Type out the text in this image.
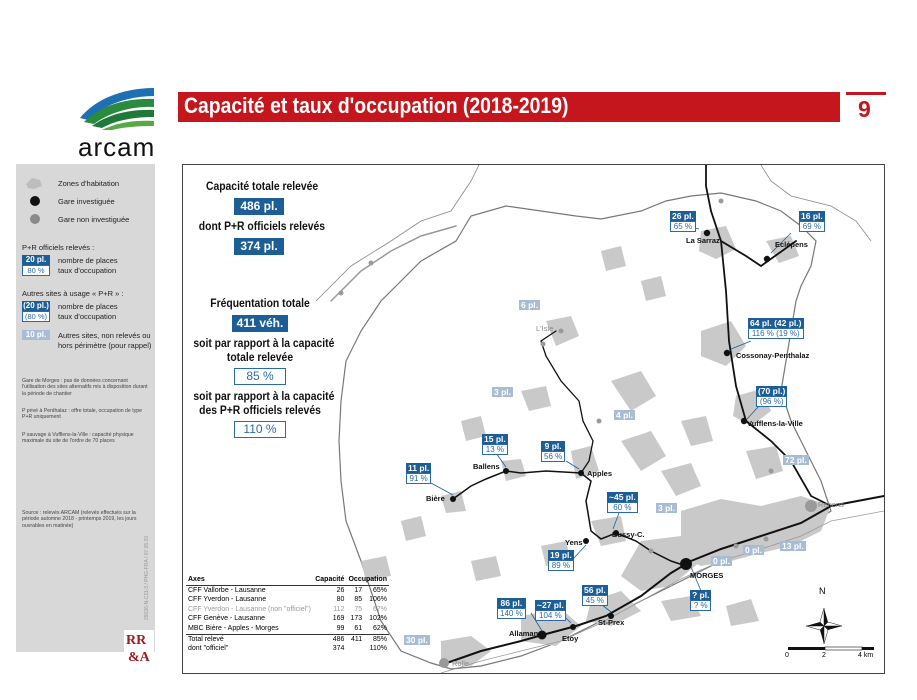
arcam
Capacité et taux d'occupation (2018-2019)	9
Zones d'habitation
Gare investiguée
Gare non investiguée
P+R officiels relevés :
20 pl.
80 %
nombre de places
taux d'occupation
Autres sites à usage « P+R » :
(20 pl.)
(80 %)
nombre de places
taux d'occupation
10 pl.	Autres sites, non relevés ou
hors périmètre (pour rappel)
Gare de Morges : pas de données concernant l'utilisation des sites alternatifs mis à disposition durant la période de chantier
P privé à Penthalaz : offre totale, occupation de type P+R uniquement
P sauvage à Vufflens-la-Ville : capacité physique maximale du site de l'ordre de 70 places
Source : relevés ARCAM (relevés effectués sur la période automne 2018 - printemps 2019, les jours ouvrables en matinée)
29026-N-C11-3 / PHG-FRA / 07.05.20
RR
&A
Capacité totale relevée
486 pl.
dont P+R officiels relevés
374 pl.
Fréquentation totale
411 véh.
soit par rapport à la capacité
totale relevée
85 %
soit par rapport à la capacité
des P+R officiels relevés
110 %
La Sarraz	Eclépens
L'Isle
Cossonay-Penthalaz
Vufflens-la-Ville
Ballens
Apples
Bière
Renens
Yens
Bussy-C.
MORGES
St-Prex
Allaman
Etoy
Rolle
26 pl.
65 %
16 pl.
69 %
64 pl. (42 pl.)
116 % (19 %)
(70 pl.)
(96 %)
15 pl.
13 %	9 pl.
56 %
11 pl.
91 %
~45 pl.
60 %
19 pl.
89 %
56 pl.
45 %
86 pl.
140 %
~27 pl.
104 %
? pl.
? %
6 pl.
3 pl.
4 pl.
72 pl.
3 pl.
0 pl. 13 pl.
0 pl.
30 pl.
N
0	2	4 km
Axes	Capacité	Occupation	
CFF Vallorbe - Lausanne	26	17	65%
CFF Yverdon - Lausanne	80	85	106%
CFF Yverdon - Lausanne (non "officiel")	112	75	67%
CFF Genève - Lausanne	169	173	102%
MBC Bière - Apples - Morges	99	61	62%
Total relevé	486	411	85%
dont "officiel"	374		110%
